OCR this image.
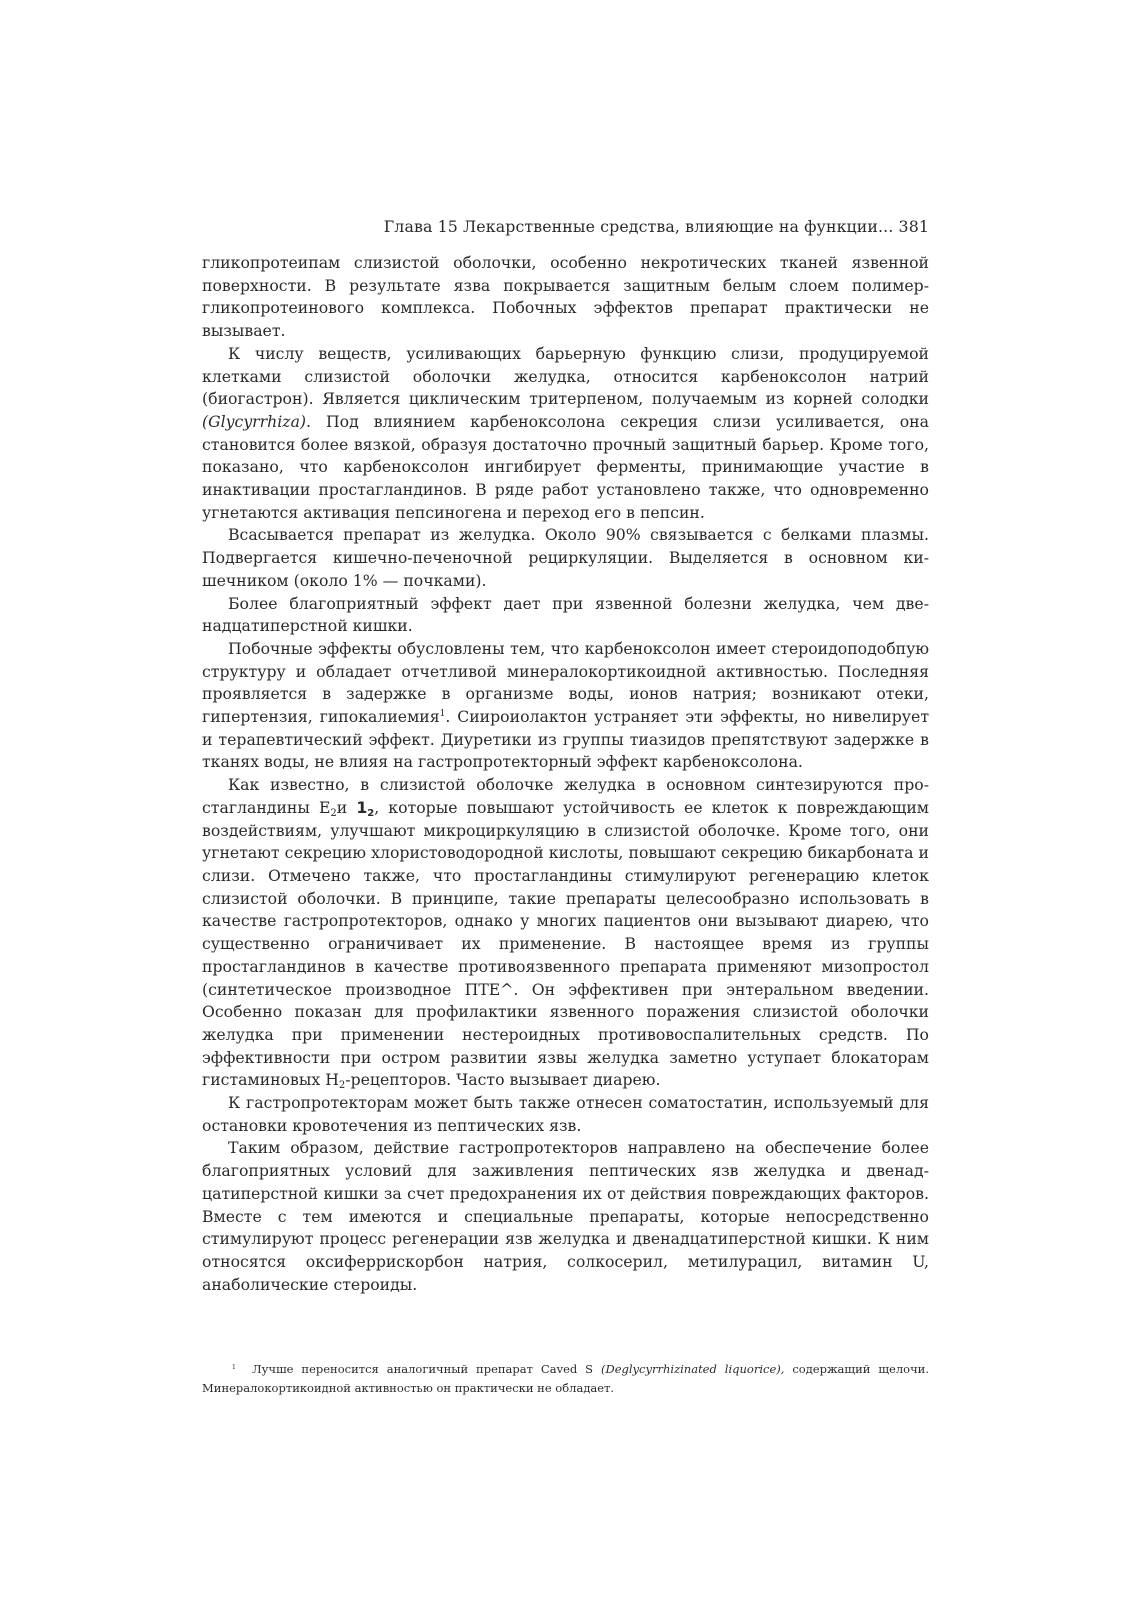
Глава 15 Лекарственные средства, влияющие на функции... 381

гликопротеипам слизистой оболочки, особенно некротических тканей язвенной поверхности. В результате язва покрывается защитным белым слоем полимер-гликопротеинового комплекса. Побочных эффектов препарат практически не вызывает.

К числу веществ, усиливающих барьерную функцию слизи, продуцируемой клетками слизистой оболочки желудка, относится карбеноксолон натрий (биогастрон). Является циклическим тритерпеном, получаемым из корней солодки (Glycyrrhiza). Под влиянием карбеноксолона секреция слизи усиливается, она становится более вязкой, образуя достаточно прочный защитный барьер. Кроме того, показано, что карбеноксолон ингибирует ферменты, принимающие участие в инактивации простагландинов. В ряде работ установлено также, что одновременно угнетаются активация пепсиногена и переход его в пепсин.

Всасывается препарат из желудка. Около 90% связывается с белками плазмы. Подвергается кишечно-печеночной рециркуляции. Выделяется в основном кишечником (около 1% — почками).

Более благоприятный эффект дает при язвенной болезни желудка, чем двенадцатиперстной кишки.

Побочные эффекты обусловлены тем, что карбеноксолон имеет стероидоподобпую структуру и обладает отчетливой минералокортикоидной активностью. Последняя проявляется в задержке в организме воды, ионов натрия; возникают отеки, гипертензия, гипокалиемия$^1$. Сиироиолактон устраняет эти эффекты, но нивелирует и терапевтический эффект. Диуретики из группы тиазидов препятствуют задержке в тканях воды, не влияя на гастропротекторный эффект карбеноксолона.

Как известно, в слизистой оболочке желудка в основном синтезируются простагландины $Е_2и$ $1_2$, которые повышают устойчивость ее клеток к повреждающим воздействиям, улучшают микроциркуляцию в слизистой оболочке. Кроме того, они угнетают секрецию хлористоводородной кислоты, повышают секрецию бикарбоната и слизи. Отмечено также, что простагландины стимулируют регенерацию клеток слизистой оболочки. В принципе, такие препараты целесообразно использовать в качестве гастропротекторов, однако у многих пациентов они вызывают диарею, что существенно ограничивает их применение. В настоящее время из группы простагландинов в качестве противоязвенного препарата применяют мизопростол (синтетическое производное ПТЕ^. Он эффективен при энтеральном введении. Особенно показан для профилактики язвенного поражения слизистой оболочки желудка при применении нестероидных противовоспалительных средств. По эффективности при остром развитии язвы желудка заметно уступает блокаторам гистаминовых $Н_2$-рецепторов. Часто вызывает диарею.

К гастропротекторам может быть также отнесен соматостатин, используемый для остановки кровотечения из пептических язв.

Таким образом, действие гастропротекторов направлено на обеспечение более благоприятных условий для заживления пептических язв желудка и двенадцатиперстной кишки за счет предохранения их от действия повреждающих факторов. Вместе с тем имеются и специальные препараты, которые непосредственно стимулируют процесс регенерации язв желудка и двенадцатиперстной кишки. К ним относятся оксиферрискорбон натрия, солкосерил, метилурацил, витамин U, анаболические стероиды.

1 Лучше переносится аналогичный препарат Caved S (Deglycyrrhizinated liquorice), содержащий щелочи. Минералокортикоидной активностью он практически не обладает.
